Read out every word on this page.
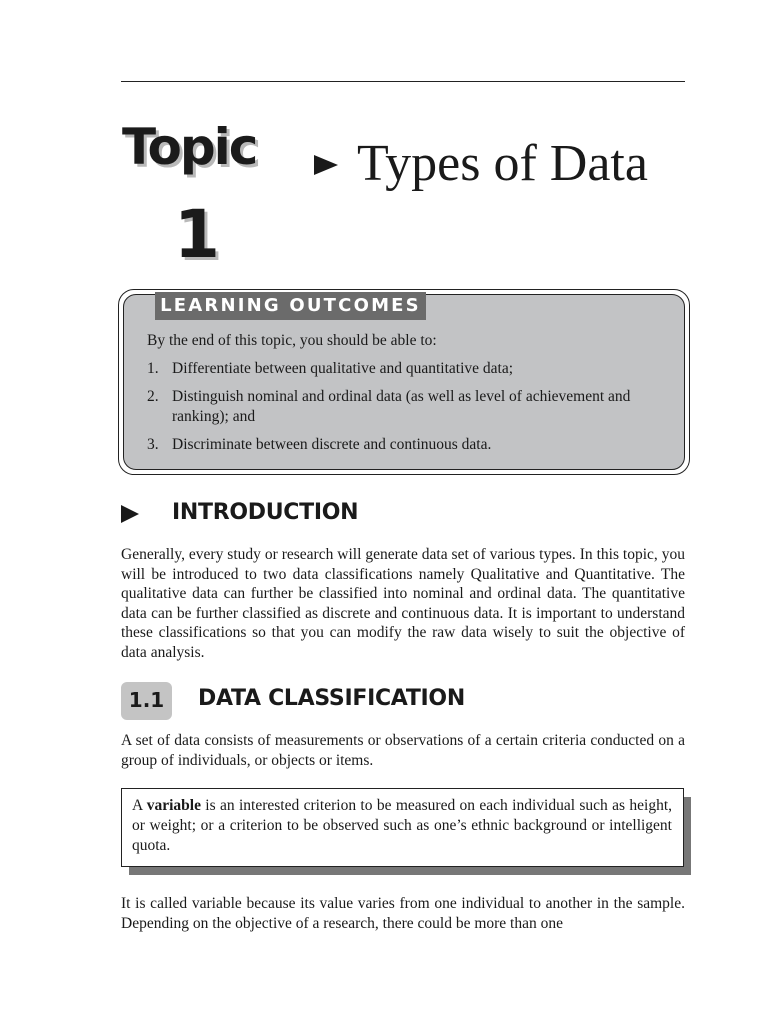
Topic
1
Types of Data
LEARNING OUTCOMES
By the end of this topic, you should be able to:
1. Differentiate between qualitative and quantitative data;
2. Distinguish nominal and ordinal data (as well as level of achievement and ranking); and
3. Discriminate between discrete and continuous data.
INTRODUCTION
Generally, every study or research will generate data set of various types. In this topic, you will be introduced to two data classifications namely Qualitative and Quantitative. The qualitative data can further be classified into nominal and ordinal data. The quantitative data can be further classified as discrete and continuous data. It is important to understand these classifications so that you can modify the raw data wisely to suit the objective of data analysis.
1.1	DATA CLASSIFICATION
A set of data consists of measurements or observations of a certain criteria conducted on a group of individuals, or objects or items.
A variable is an interested criterion to be measured on each individual such as height, or weight; or a criterion to be observed such as one’s ethnic background or intelligent quota.
It is called variable because its value varies from one individual to another in the sample. Depending on the objective of a research, there could be more than one
